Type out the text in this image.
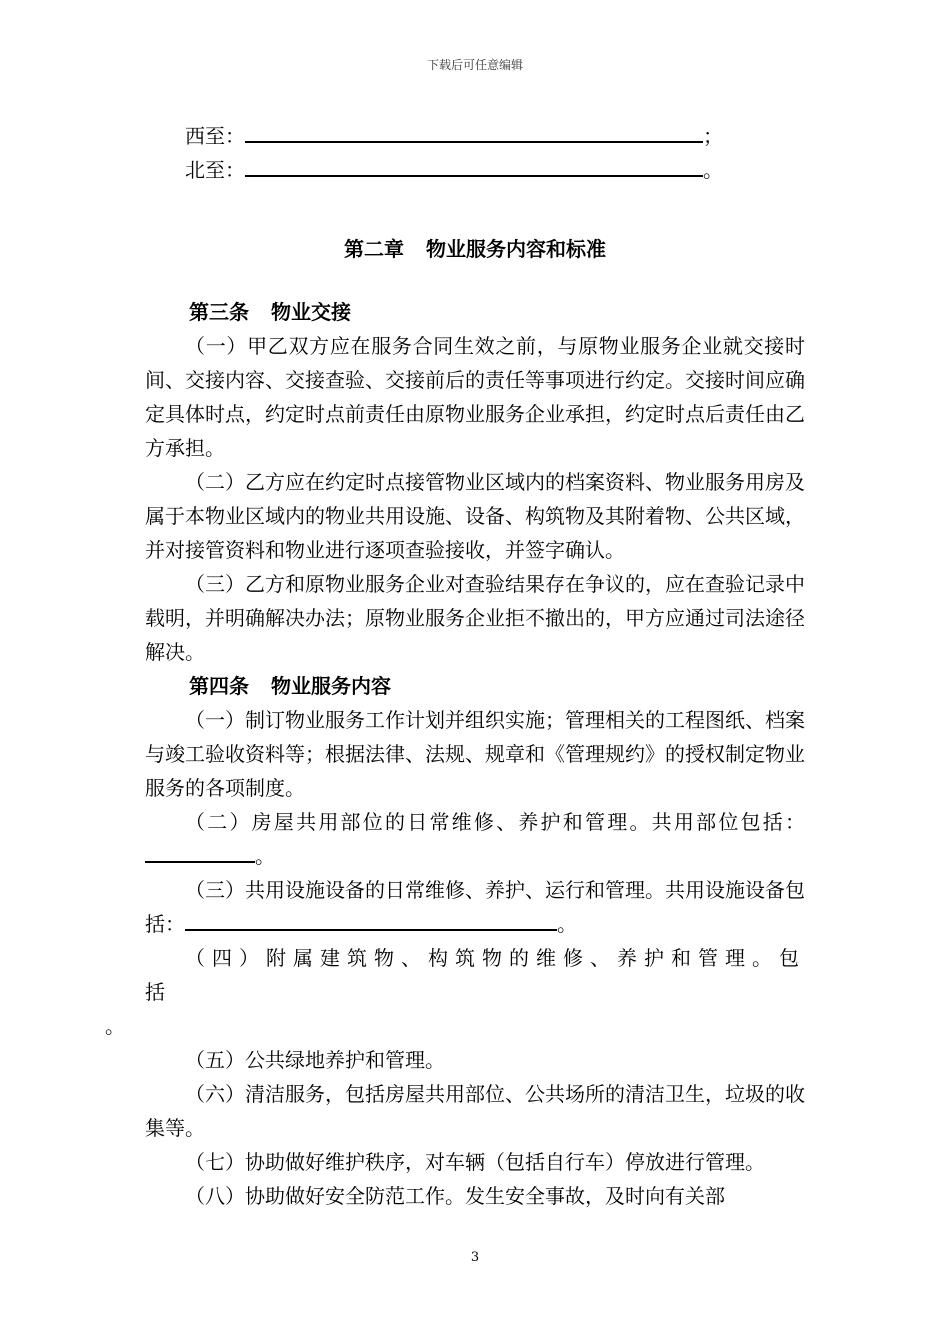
下载后可任意编辑
西至：	；
北至：	。
第二章 物业服务内容和标准

第三条 物业交接

（一）甲乙双方应在服务合同生效之前，与原物业服务企业就交接时间、交接内容、交接查验、交接前后的责任等事项进行约定。交接时间应确定具体时点，约定时点前责任由原物业服务企业承担，约定时点后责任由乙方承担。

（二）乙方应在约定时点接管物业区域内的档案资料、物业服务用房及属于本物业区域内的物业共用设施、设备、构筑物及其附着物、公共区域，并对接管资料和物业进行逐项查验接收，并签字确认。

（三）乙方和原物业服务企业对查验结果存在争议的，应在查验记录中载明，并明确解决办法；原物业服务企业拒不撤出的，甲方应通过司法途径解决。

第四条 物业服务内容

（一）制订物业服务工作计划并组织实施；管理相关的工程图纸、档案与竣工验收资料等；根据法律、法规、规章和《管理规约》的授权制定物业服务的各项制度。

（二）房屋共用部位的日常维修、养护和管理。共用部位包括：。

（三）共用设施设备的日常维修、养护、运行和管理。共用设施设备包括：	。

（四）附属建筑物、构筑物的维修、养护和管理。包括
。

（五）公共绿地养护和管理。

（六）清洁服务，包括房屋共用部位、公共场所的清洁卫生，垃圾的收集等。

（七）协助做好维护秩序，对车辆（包括自行车）停放进行管理。

（八）协助做好安全防范工作。发生安全事故，及时向有关部

3
